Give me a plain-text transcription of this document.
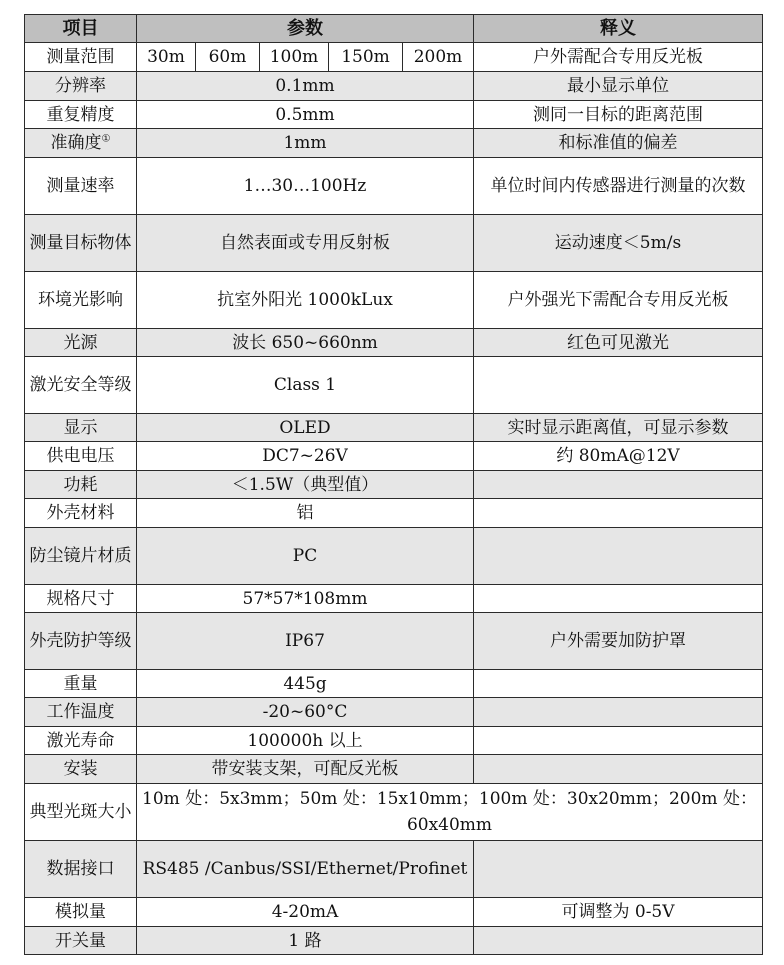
项目	参数					释义
测量范围	30m	60m	100m	150m	200m	户外需配合专用反光板
分辨率	0.1mm					最小显示单位
重复精度	0.5mm					测同一目标的距离范围
准确度①	1mm					和标准值的偏差
测量速率	1…30…100Hz					单位时间内传感器进行测量的次数
测量目标物体	自然表面或专用反射板					运动速度＜5m/s
环境光影响	抗室外阳光 1000kLux					户外强光下需配合专用反光板
光源	波长 650~660nm					红色可见激光
激光安全等级	Class 1					
显示	OLED					实时显示距离值，可显示参数
供电电压	DC7~26V					约 80mA@12V
功耗	＜1.5W（典型值）					
外壳材料	铝					
防尘镜片材质	PC					
规格尺寸	57*57*108mm					
外壳防护等级	IP67					户外需要加防护罩
重量	445g					
工作温度	-20~60°C					
激光寿命	100000h 以上					
安装	带安装支架，可配反光板					
典型光斑大小	10m 处：5x3mm；50m 处：15x10mm；100m 处：30x20mm；200m 处：60x40mm					
数据接口	RS485 /Canbus/SSI/Ethernet/Profinet					
模拟量	4-20mA					可调整为 0-5V
开关量	1 路					
